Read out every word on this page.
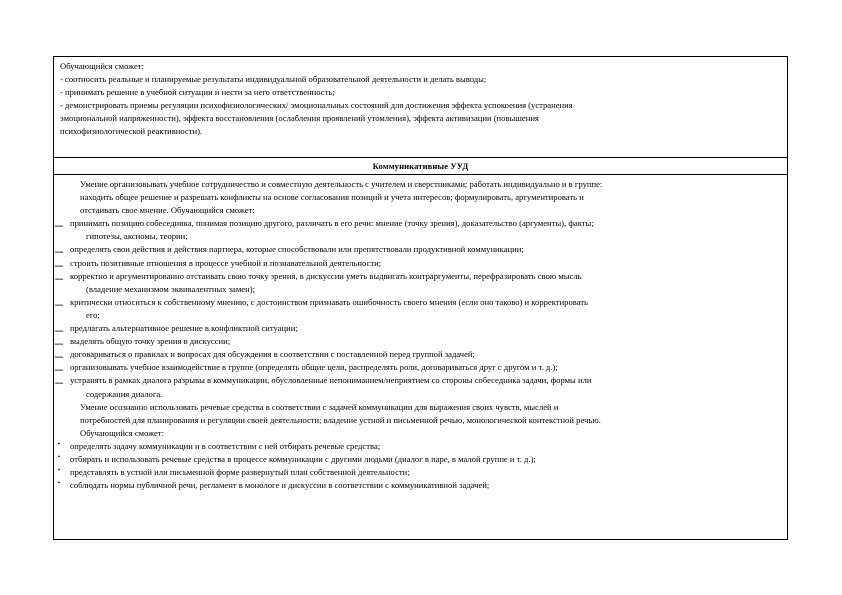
Обучающийся сможет:

- соотносить реальные и планируемые результаты индивидуальной образовательной деятельности и делать выводы;

- принимать решение в учебной ситуации и нести за него ответственность;

- демонстрировать приемы регуляции психофизиологических/ эмоциональных состояний для достижения эффекта успокоения (устранения

эмоциональной напряженности), эффекта восстановления (ослабления проявлений утомления), эффекта активизации (повышения

психофизиологической реактивности).

Коммуникативные УУД

Умение организовывать учебное сотрудничество и совместную деятельность с учителем и сверстниками; работать индивидуально и в группе:

находить общее решение и разрешать конфликты на основе согласования позиций и учета интересов; формулировать, аргументировать и

отстаивать свое мнение. Обучающийся сможет:

– принимать позицию собеседника, понимая позицию другого, различать в его речи: мнение (точку зрения), доказательство (аргументы), факты;

гипотезы, аксиомы, теории;

– определять свои действия и действия партнера, которые способствовали или препятствовали продуктивной коммуникации;

– строить позитивные отношения в процессе учебной и познавательной деятельности;

– корректно и аргументированно отстаивать свою точку зрения, в дискуссии уметь выдвигать контраргументы, перефразировать свою мысль

(владение механизмом эквивалентных замен);

– критически относиться к собственному мнению, с достоинством признавать ошибочность своего мнения (если оно таково) и корректировать

его;

– предлагать альтернативное решение в конфликтной ситуации;

– выделять общую точку зрения в дискуссии;

– договариваться о правилах и вопросах для обсуждения в соответствии с поставленной перед группой задачей;

– организовывать учебное взаимодействие в группе (определять общие цели, распределять роли, договариваться друг с другом и т. д.);

– устранять в рамках диалога разрывы в коммуникации, обусловленные непониманием/неприятием со стороны собеседника задачи, формы или

содержания диалога.

Умение осознанно использовать речевые средства в соответствии с задачей коммуникации для выражения своих чувств, мыслей и

потребностей для планирования и регуляции своей деятельности; владение устной и письменной речью, монологической контекстной речью.

Обучающийся сможет:

•	определять задачу коммуникации и в соответствии с ней отбирать речевые средства;

•	отбирать и использовать речевые средства в процессе коммуникации с другими людьми (диалог в паре, в малой группе и т. д.);

•	представлять в устной или письменной форме развернутый план собственной деятельности;

•	соблюдать нормы публичной речи, регламент в монологе и дискуссии в соответствии с коммуникативной задачей;
